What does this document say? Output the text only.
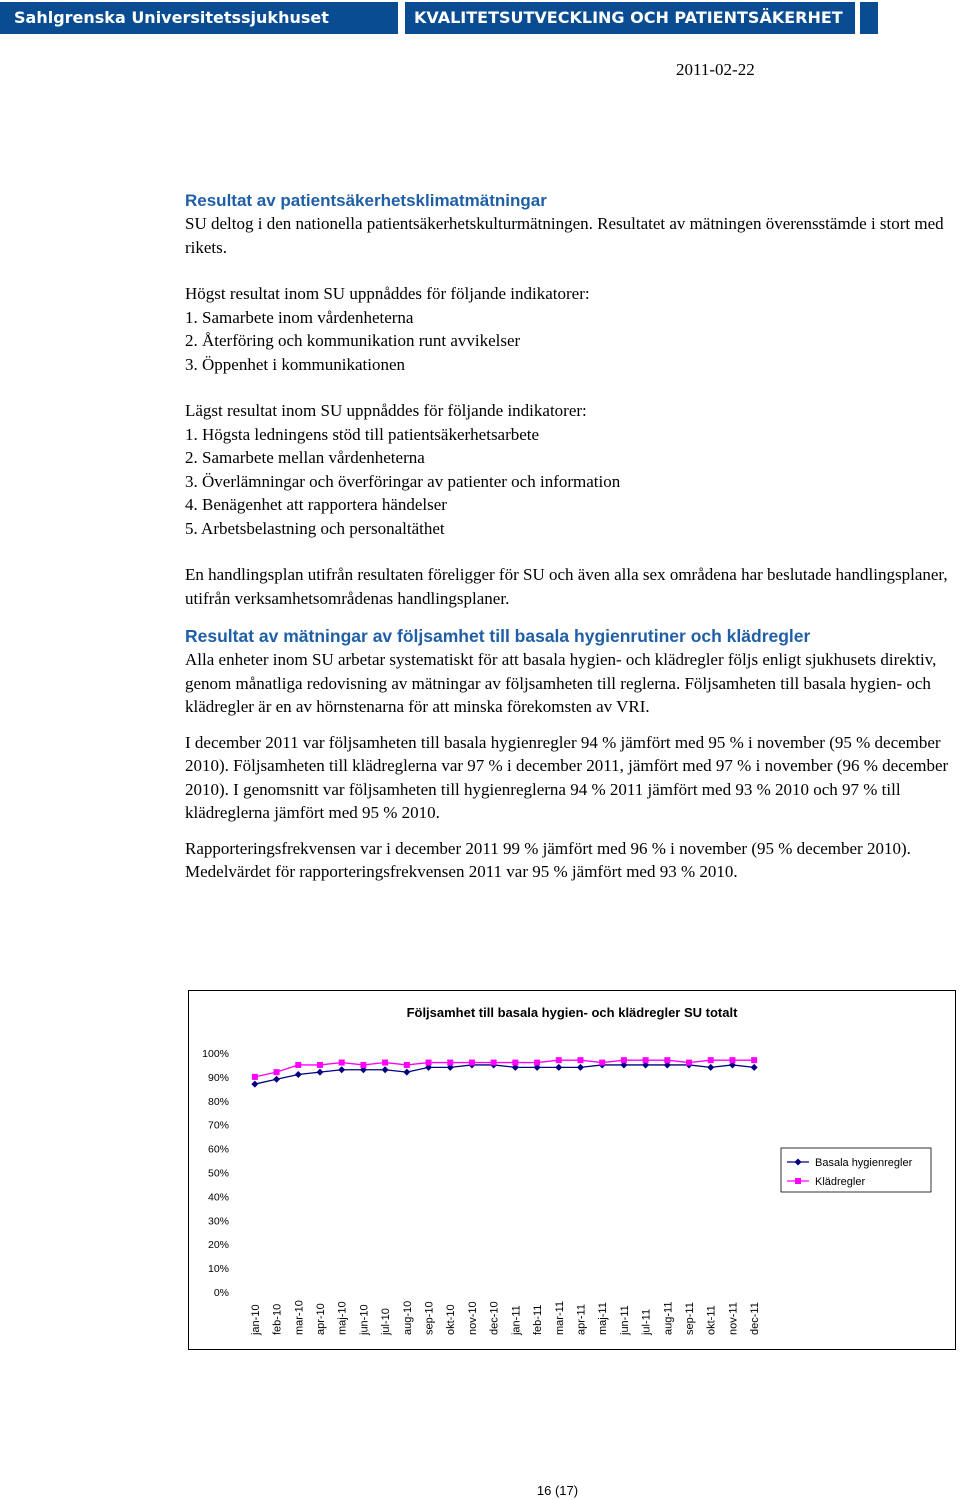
Sahlgrenska Universitetssjukhuset	KVALITETSUTVECKLING OCH PATIENTSÄKERHET
2011-02-22
Resultat av patientsäkerhetsklimatmätningar

SU deltog i den nationella patientsäkerhetskulturmätningen. Resultatet av mätningen överensstämde i stort med rikets.

Högst resultat inom SU uppnåddes för följande indikatorer:

1. Samarbete inom vårdenheterna
2. Återföring och kommunikation runt avvikelser
3. Öppenhet i kommunikationen

Lägst resultat inom SU uppnåddes för följande indikatorer:

1. Högsta ledningens stöd till patientsäkerhetsarbete
2. Samarbete mellan vårdenheterna
3. Överlämningar och överföringar av patienter och information
4. Benägenhet att rapportera händelser
5. Arbetsbelastning och personaltäthet

En handlingsplan utifrån resultaten föreligger för SU och även alla sex områdena har beslutade handlingsplaner, utifrån verksamhetsområdenas handlingsplaner.

Resultat av mätningar av följsamhet till basala hygienrutiner och klädregler

Alla enheter inom SU arbetar systematiskt för att basala hygien- och klädregler följs enligt sjukhusets direktiv, genom månatliga redovisning av mätningar av följsamheten till reglerna. Följsamheten till basala hygien- och klädregler är en av hörnstenarna för att minska förekomsten av VRI.

I december 2011 var följsamheten till basala hygienregler 94 % jämfört med 95 % i november (95 % december 2010). Följsamheten till klädreglerna var 97 % i december 2011, jämfört med 97 % i november (96 % december 2010). I genomsnitt var följsamheten till hygienreglerna 94 % 2011 jämfört med 93 % 2010 och 97 % till klädreglerna jämfört med 95 % 2010.

Rapporteringsfrekvensen var i december 2011 99 % jämfört med 96 % i november (95 % december 2010). Medelvärdet för rapporteringsfrekvensen 2011 var 95 % jämfört med 93 % 2010.

Följsamhet till basala hygien- och klädregler SU totalt
0%
10%
20%
30%
40%
50%
60%
70%
80%
90%
100%
jan-10 feb-10 mar-10 apr-10 maj-10 jun-10 jul-10 aug-10 sep-10 okt-10 nov-10 dec-10 jan-11 feb-11 mar-11 apr-11 maj-11 jun-11 jul-11 aug-11 sep-11 okt-11 nov-11 dec-11
Basala hygienregler
Klädregler
16 (17)
